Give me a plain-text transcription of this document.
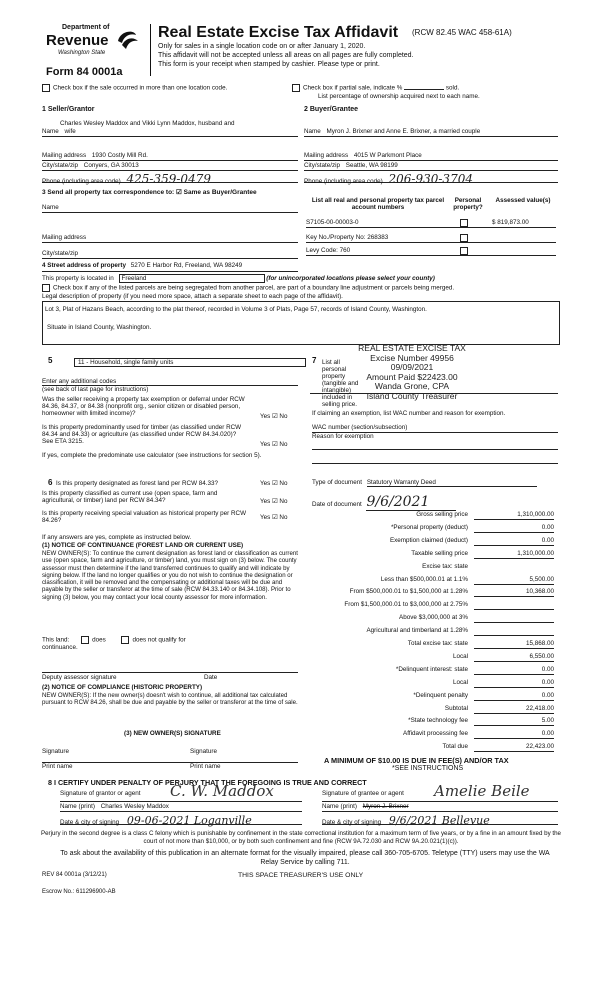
Department of
Revenue
Washington State
Form 84 0001a
Real Estate Excise Tax Affidavit (RCW 82.45 WAC 458-61A)
Only for sales in a single location code on or after January 1, 2020.
This affidavit will not be accepted unless all areas on all pages are fully completed.
This form is your receipt when stamped by cashier. Please type or print.
Check box if the sale occurred in more than one location code.	Check box if partial sale, indicate %	sold.
List percentage of ownership acquired next to each name.
1 Seller/Grantor
Charles Wesley Maddox and Vikki Lynn Maddox, husband and
Name wife
Mailing address 1930 Costly Mill Rd.
City/state/zip Conyers, GA 30013
Phone (including area code) 425-359-0479
2 Buyer/Grantee
Name Myron J. Brixner and Anne E. Brixner, a married couple
Mailing address 4015 W Parkmont Place
City/state/zip Seattle, WA 98199
Phone (including area code) 206-930-3704
3 Send all property tax correspondence to: ☑ Same as Buyer/Grantee
Name
Mailing address
City/state/zip
List all real and personal property tax parcel account numbers
Personal property?
Assessed value(s)
S7105-00-00003-0	$ 819,873.00
Key No./Property No: 268383
Levy Code: 760
4 Street address of property 5270 E Harbor Rd, Freeland, WA 98249
This property is located in Freeland	(for unincorporated locations please select your county)
Check box if any of the listed parcels are being segregated from another parcel, are part of a boundary line adjustment or parcels being merged.
Legal description of property (if you need more space, attach a separate sheet to each page of the affidavit).
Lot 3, Plat of Hazans Beach, according to the plat thereof, recorded in Volume 3 of Plats, Page 57, records of Island County, Washington.
Situate in Island County, Washington.
5	11 - Household, single family units
Enter any additional codes
(see back of last page for instructions)
Was the seller receiving a property tax exemption or deferral under RCW 84.36, 84.37, or 84.38 (nonprofit org., senior citizen or disabled person, homeowner with limited income)?	Yes ☑ No
Is this property predominantly used for timber (as classified under RCW 84.34 and 84.33) or agriculture (as classified under RCW 84.34.020)? See ETA 3215.	Yes ☑ No
If yes, complete the predominate use calculator (see instructions for section 5).
REAL ESTATE EXCISE TAX
Excise Number 49956
09/09/2021
Amount Paid $22423.00
Wanda Grone, CPA
Island County Treasurer
7 List all personal property (tangible and intangible) included in selling price.
If claiming an exemption, list WAC number and reason for exemption.
WAC number (section/subsection)
Reason for exemption
6 Is this property designated as forest land per RCW 84.33?	Yes ☑ No
Is this property classified as current use (open space, farm and agricultural, or timber) land per RCW 84.34?	Yes ☑ No
Is this property receiving special valuation as historical property per RCW 84.26?	Yes ☑ No
If any answers are yes, complete as instructed below.
(1) NOTICE OF CONTINUANCE (FOREST LAND OR CURRENT USE)
NEW OWNER(S): To continue the current designation as forest land or classification as current use (open space, farm and agriculture, or timber) land, you must sign on (3) below. The county assessor must then determine if the land transferred continues to qualify and will indicate by signing below. If the land no longer qualifies or you do not wish to continue the designation or classification, it will be removed and the compensating or additional taxes will be due and payable by the seller or transferor at the time of sale (RCW 84.33.140 or 84.34.108). Prior to signing (3) below, you may contact your local county assessor for more information.
This land:	does	does not qualify for
continuance.
Deputy assessor signature	Date
(2) NOTICE OF COMPLIANCE (HISTORIC PROPERTY)
NEW OWNER(S): If the new owner(s) doesn't wish to continue, all additional tax calculated pursuant to RCW 84.26, shall be due and payable by the seller or transferor at the time of sale.
(3) NEW OWNER(S) SIGNATURE
Signature	Signature
Print name	Print name
Type of document Statutory Warranty Deed
Date of document 9/6/2021
Gross selling price	1,310,000.00
*Personal property (deduct)	0.00
Exemption claimed (deduct)	0.00
Taxable selling price	1,310,000.00
Excise tax: state
Less than $500,000.01 at 1.1%	5,500.00
From $500,000.01 to $1,500,000 at 1.28%	10,368.00
From $1,500,000.01 to $3,000,000 at 2.75%
Above $3,000,000 at 3%
Agricultural and timberland at 1.28%
Total excise tax: state	15,868.00
Local	6,550.00
*Delinquent interest: state	0.00
Local	0.00
*Delinquent penalty	0.00
Subtotal	22,418.00
*State technology fee	5.00
Affidavit processing fee	0.00
Total due	22,423.00
A MINIMUM OF $10.00 IS DUE IN FEE(S) AND/OR TAX
*SEE INSTRUCTIONS
8 I CERTIFY UNDER PENALTY OF PERJURY THAT THE FOREGOING IS TRUE AND CORRECT
Signature of grantor or agent C. W. Maddox
Name (print) Charles Wesley Maddox
Date & city of signing 09-06-2021 Loganville
Signature of grantee or agent Amelie Beile
Name (print) Myron J. Brixner
Date & city of signing 9/6/2021 Bellevue
Perjury in the second degree is a class C felony which is punishable by confinement in the state correctional institution for a maximum term of five years, or by a fine in an amount fixed by the court of not more than $10,000, or by both such confinement and fine (RCW 9A.72.030 and RCW 9A.20.021(1)(c)).
To ask about the availability of this publication in an alternate format for the visually impaired, please call 360-705-6705. Teletype (TTY) users may use the WA Relay Service by calling 711.
REV 84 0001a (3/12/21)	THIS SPACE TREASURER'S USE ONLY
Escrow No.: 611296900-AB
